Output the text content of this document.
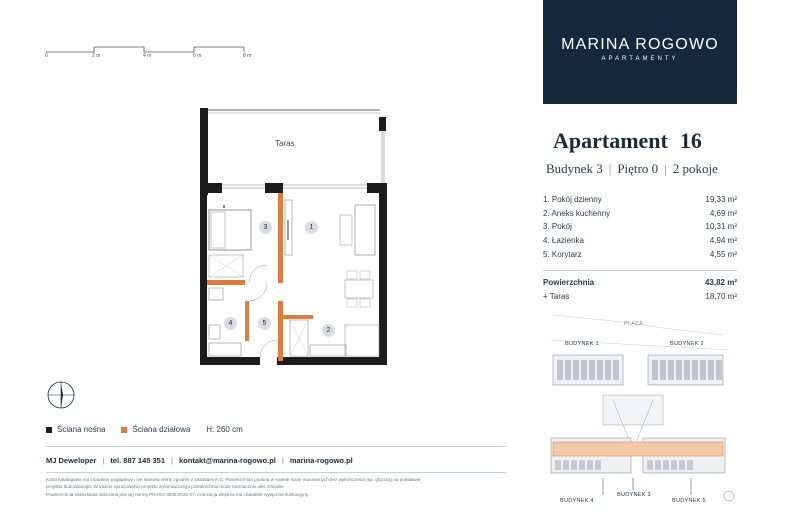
0	2 m	4 m	6 m	8 m
Taras
1
2
3
4	5
MARINA ROGOWO
APARTAMENTY
Apartament 16
Budynek 3 | Piętro 0 | 2 pokoje
1. Pokój dzienny	19,33 m²
2. Aneks kuchenny	4,69 m²
3. Pokój	10,31 m²
4. Łazienka	4,94 m²
5. Korytarz	4,55 m²
Powierzchnia	43,82 m²
+ Taras	18,70 m²
Ściana nośna	Ściana działowa H: 260 cm
MJ Deweloper | tel. 887 145 351 | kontakt@marina-rogowo.pl | marina-rogowo.pl
Karta katalogowa ma charakter poglądowy i nie stanowi oferty zgodnie z zasadami K.C. Powierzchnia podana w świetle ścian murowanych bez wykończenia (np. glazurą) na podstawie
projektu budowlanego. W trakcie opracowania projektu wykonawczego powierzchnia może nieznacznie ulec zmianie.
Powierzchnia mieszkania obliczana jest wg normy PN-ISO 9836:2022-07. Aranżacja wnętrza ma charakter wyłącznie ilustracyjny.
PLAZA
BUDYNEK 1	BUDYNEK 2
BUDYNEK 3
BUDYNEK 4	BUDYNEK 5
